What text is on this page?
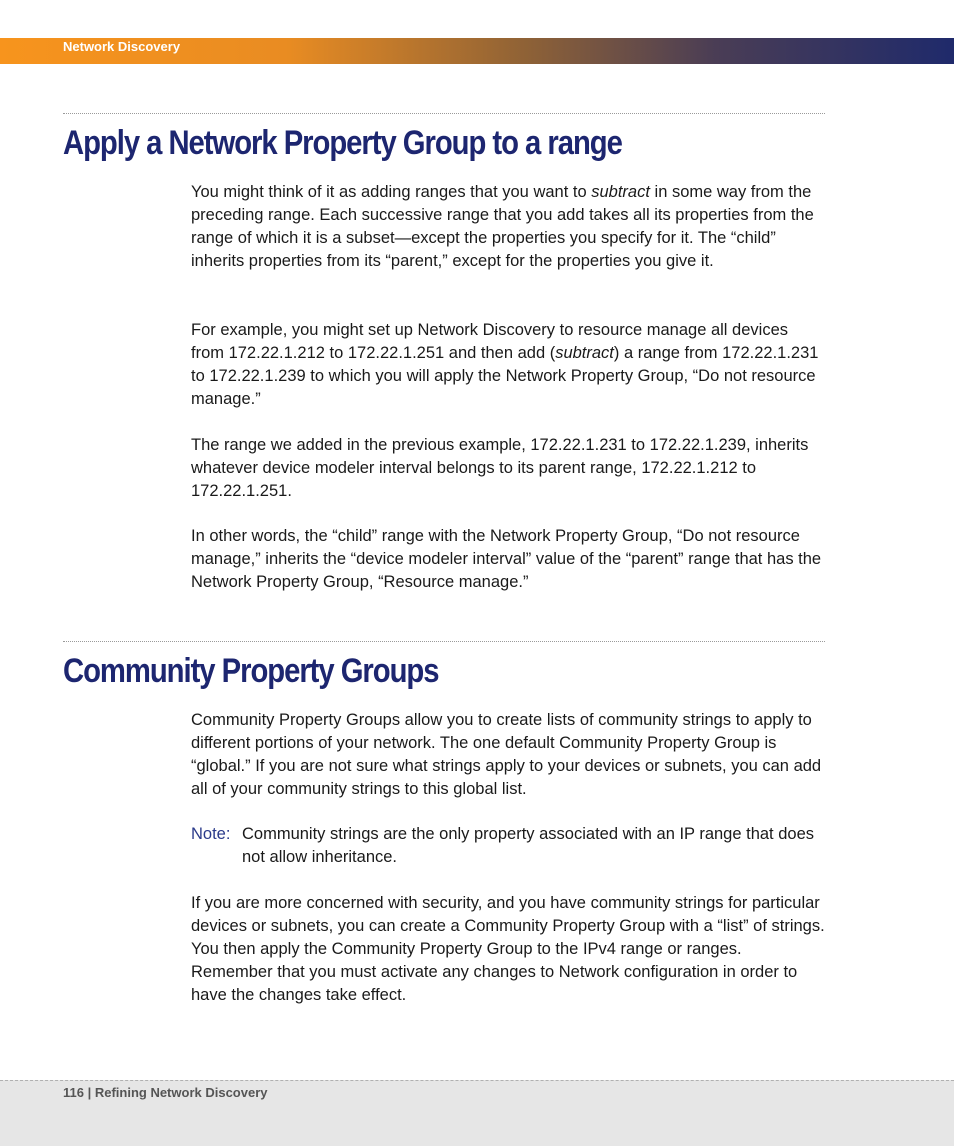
Network Discovery
Apply a Network Property Group to a range

You might think of it as adding ranges that you want to subtract in some way from the preceding range. Each successive range that you add takes all its properties from the range of which it is a subset—except the properties you specify for it. The “child” inherits properties from its “parent,” except for the properties you give it.

For example, you might set up Network Discovery to resource manage all devices from 172.22.1.212 to 172.22.1.251 and then add (subtract) a range from 172.22.1.231 to 172.22.1.239 to which you will apply the Network Property Group, “Do not resource manage.”

The range we added in the previous example, 172.22.1.231 to 172.22.1.239, inherits whatever device modeler interval belongs to its parent range, 172.22.1.212 to 172.22.1.251.

In other words, the “child” range with the Network Property Group, “Do not resource manage,” inherits the “device modeler interval” value of the “parent” range that has the Network Property Group, “Resource manage.”

Community Property Groups

Community Property Groups allow you to create lists of community strings to apply to different portions of your network. The one default Community Property Group is “global.” If you are not sure what strings apply to your devices or subnets, you can add all of your community strings to this global list.

Note: Community strings are the only property associated with an IP range that does not allow inheritance.

If you are more concerned with security, and you have community strings for particular devices or subnets, you can create a Community Property Group with a “list” of strings. You then apply the Community Property Group to the IPv4 range or ranges. Remember that you must activate any changes to Network configuration in order to have the changes take effect.

116 | Refining Network Discovery
